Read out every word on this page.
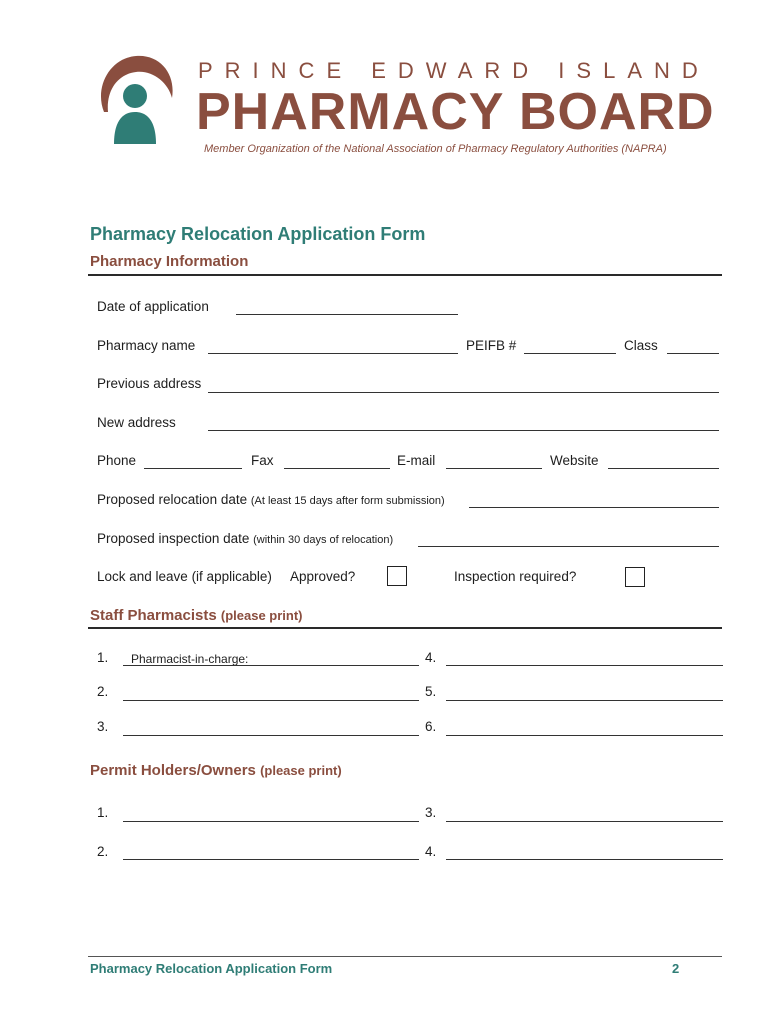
PRINCE EDWARD ISLAND
PHARMACY BOARD
Member Organization of the National Association of Pharmacy Regulatory Authorities (NAPRA)
Pharmacy Relocation Application Form
Pharmacy Information
Date of application
Pharmacy name	PEIFB #	Class
Previous address
New address
Phone	Fax	E-mail	Website
Proposed relocation date (At least 15 days after form submission)
Proposed inspection date (within 30 days of relocation)
Lock and leave (if applicable) Approved?	Inspection required?
Staff Pharmacists (please print)
1. Pharmacist-in-charge:	4.
2.	5.
3.	6.
Permit Holders/Owners (please print)
1.	3.
2.	4.
Pharmacy Relocation Application Form	2
